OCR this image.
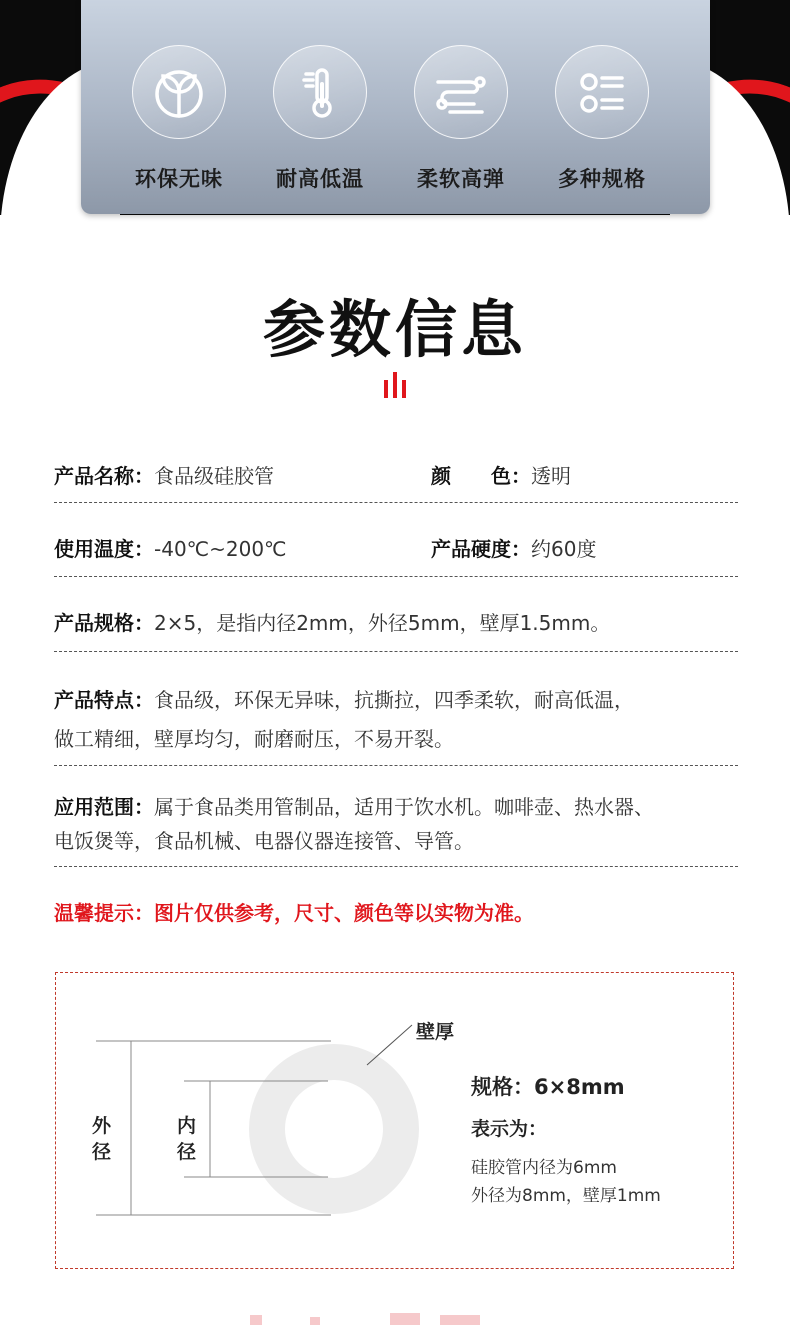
环保无味	耐高低温	柔软高弹	多种规格
参数信息
产品名称：食品级硅胶管	颜　　色：透明
使用温度：-40℃~200℃	产品硬度：约60度
产品规格：2×5，是指内径2mm，外径5mm，壁厚1.5mm。
产品特点：食品级，环保无异味，抗撕拉，四季柔软，耐高低温，
做工精细，壁厚均匀，耐磨耐压，不易开裂。
应用范围：属于食品类用管制品，适用于饮水机。咖啡壶、热水器、
电饭煲等，食品机械、电器仪器连接管、导管。
温馨提示：图片仅供参考，尺寸、颜色等以实物为准。
壁厚
外
径
内
径
规格：6×8mm
表示为：
硅胶管内径为6mm
外径为8mm，壁厚1mm
